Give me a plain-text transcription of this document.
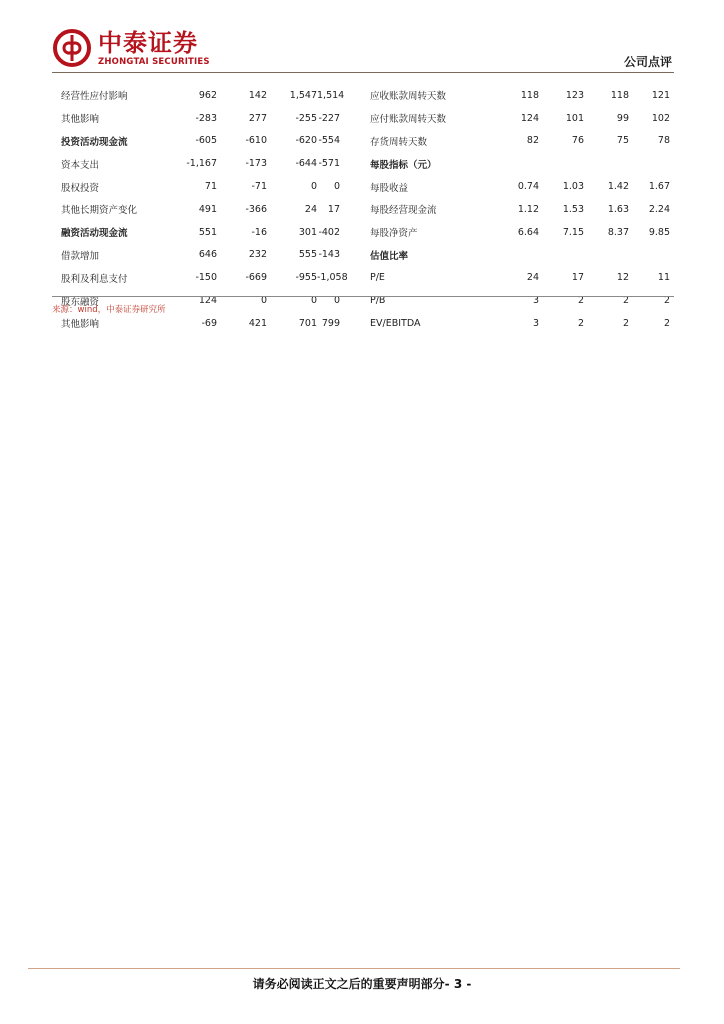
中泰证券
ZHONGTAI SECURITIES	公司点评
经营性应付影响	962	142	1,547	1,514	应收账款周转天数	118	123	118	121
其他影响	-283	277	-255	-227	应付账款周转天数	124	101	99	102
投资活动现金流	-605	-610	-620	-554	存货周转天数	82	76	75	78
资本支出	-1,167	-173	-644	-571	每股指标（元）				
股权投资	71	-71	0	0	每股收益	0.74	1.03	1.42	1.67
其他长期资产变化	491	-366	24	17	每股经营现金流	1.12	1.53	1.63	2.24
融资活动现金流	551	-16	301	-402	每股净资产	6.64	7.15	8.37	9.85
借款增加	646	232	555	-143	估值比率				
股利及利息支付	-150	-669	-955	-1,058	P/E	24	17	12	11
股东融资	124	0	0	0	P/B	3	2	2	2
其他影响	-69	421	701	799	EV/EBITDA	3	2	2	2
来源：wind，中泰证券研究所
请务必阅读正文之后的重要声明部分- 3 -
